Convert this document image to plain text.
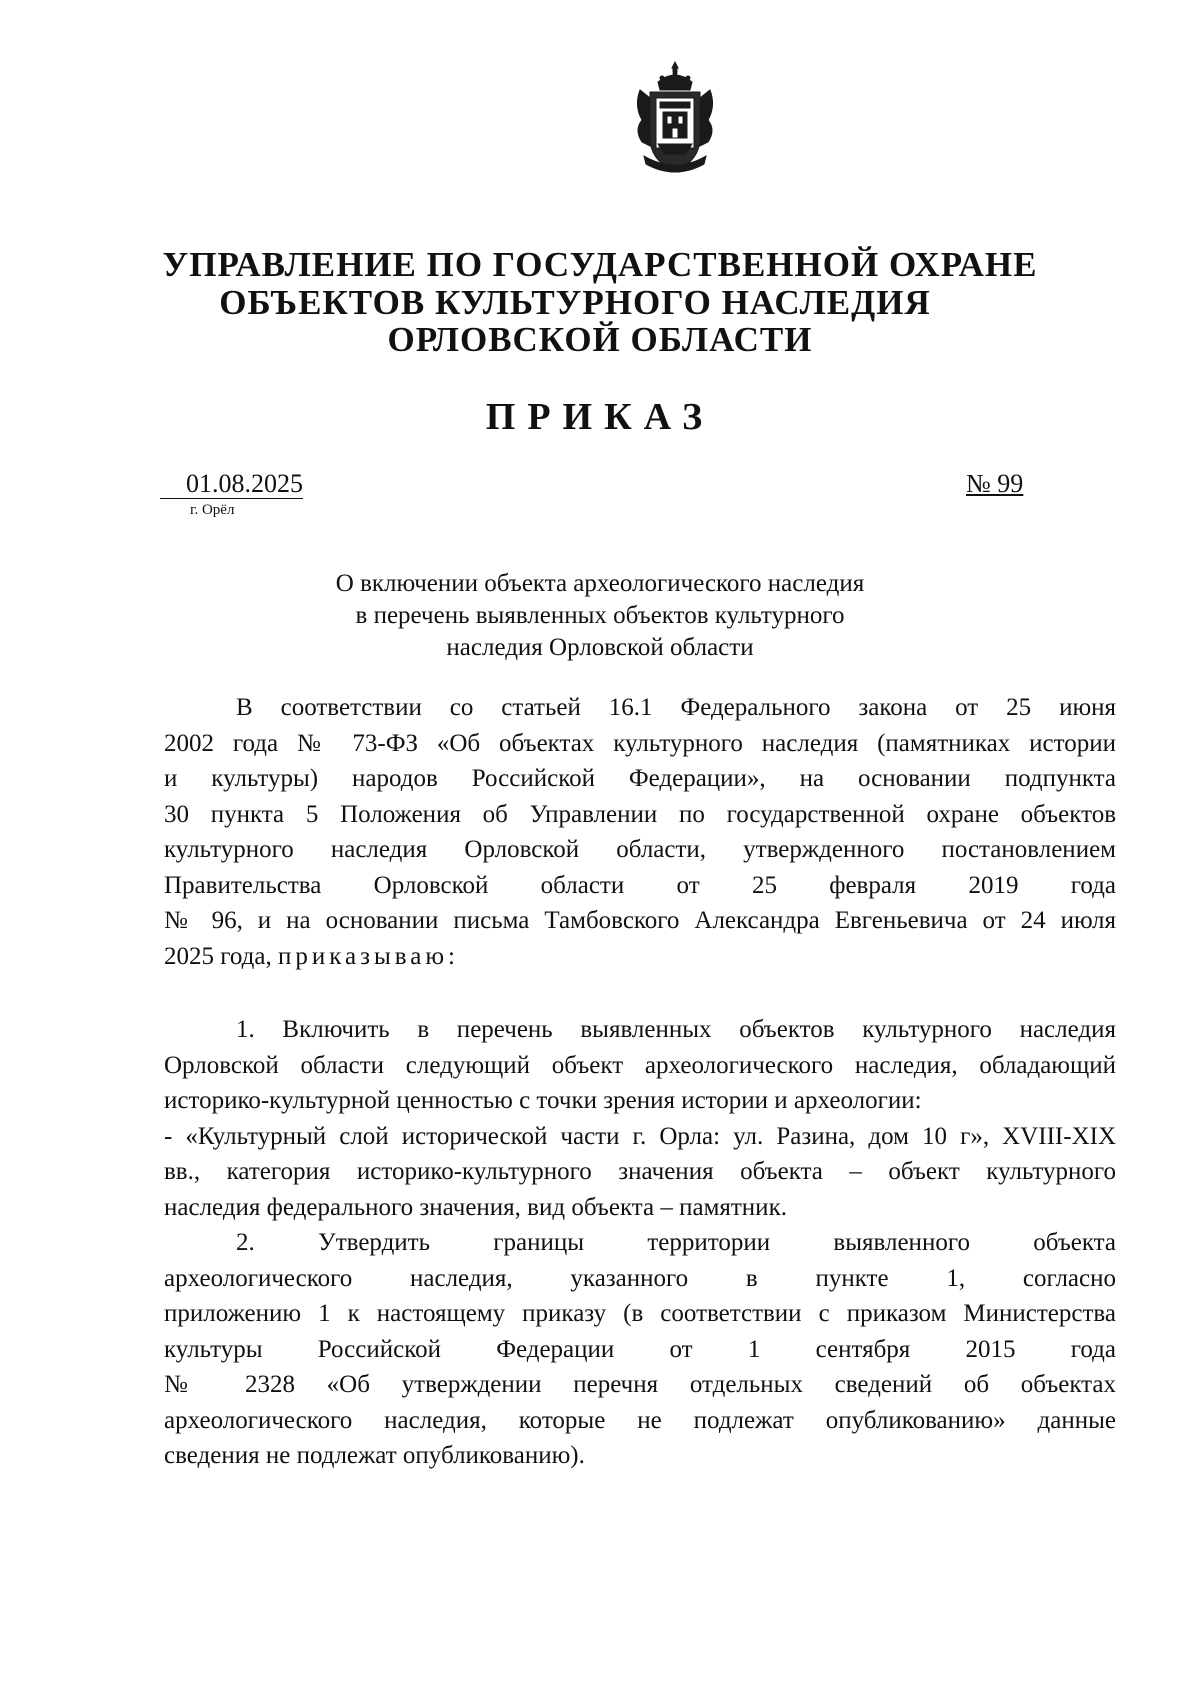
УПРАВЛЕНИЕ ПО ГОСУДАРСТВЕННОЙ ОХРАНЕ
ОБЪЕКТОВ КУЛЬТУРНОГО НАСЛЕДИЯ
ОРЛОВСКОЙ ОБЛАСТИ
ПРИКАЗ
01.08.2025
г. Орёл
№ 99
О включении объекта археологического наследия
в перечень выявленных объектов культурного
наследия Орловской области
В соответствии со статьей 16.1 Федерального закона от 25 июня
2002 года № 73-ФЗ «Об объектах культурного наследия (памятниках истории
и культуры) народов Российской Федерации», на основании подпункта
30 пункта 5 Положения об Управлении по государственной охране объектов
культурного наследия Орловской области, утвержденного постановлением
Правительства Орловской области от 25 февраля 2019 года
№ 96, и на основании письма Тамбовского Александра Евгеньевича от 24 июля
2025 года, приказываю:
1. Включить в перечень выявленных объектов культурного наследия
Орловской области следующий объект археологического наследия, обладающий
историко-культурной ценностью с точки зрения истории и археологии:
- «Культурный слой исторической части г. Орла: ул. Разина, дом 10 г», XVIII-XIX
вв., категория историко-культурного значения объекта – объект культурного
наследия федерального значения, вид объекта – памятник.
2. Утвердить границы территории выявленного объекта
археологического наследия, указанного в пункте 1, согласно
приложению 1 к настоящему приказу (в соответствии с приказом Министерства
культуры Российской Федерации от 1 сентября 2015 года
№ 2328 «Об утверждении перечня отдельных сведений об объектах
археологического наследия, которые не подлежат опубликованию» данные
сведения не подлежат опубликованию).
